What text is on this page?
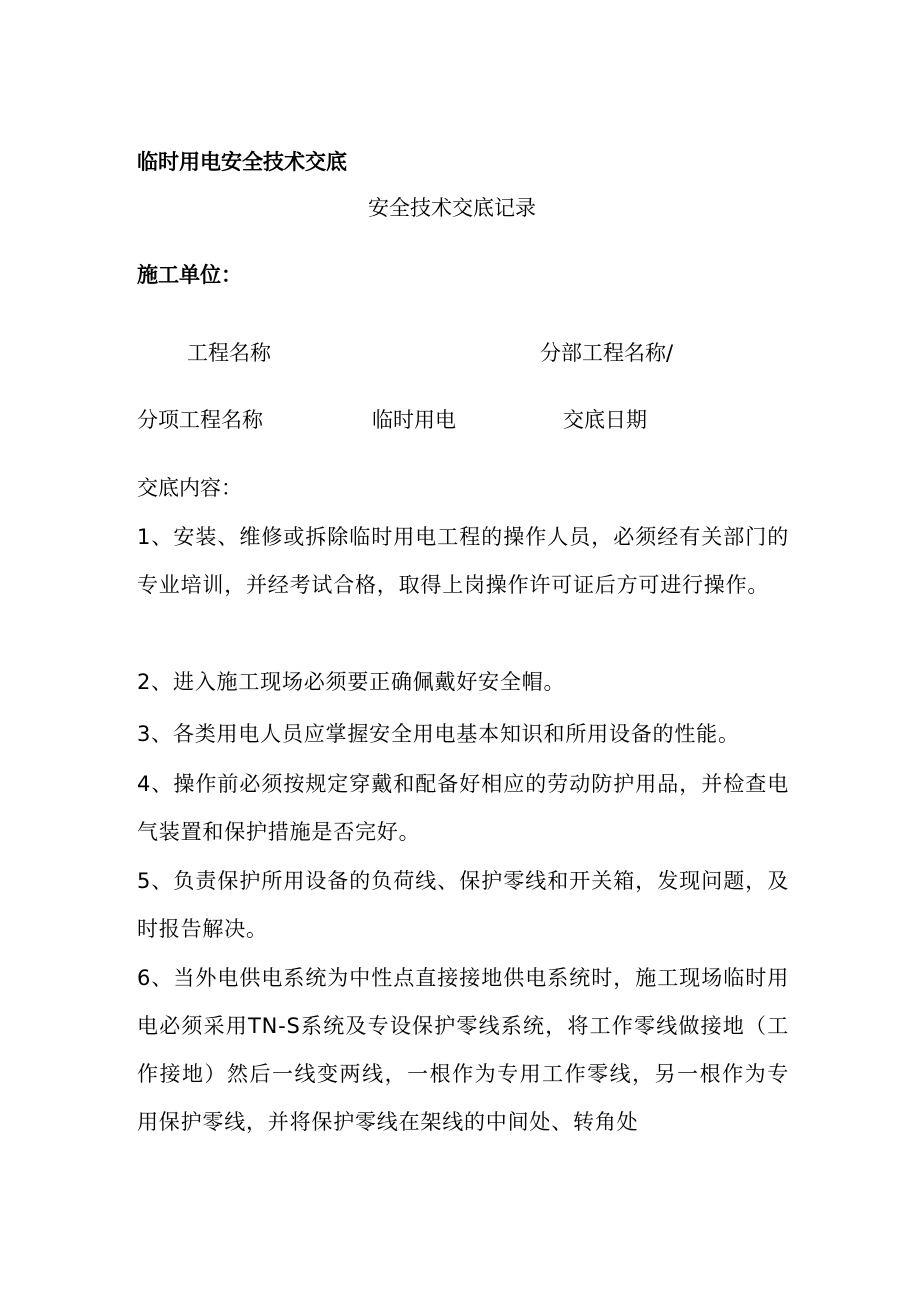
临时用电安全技术交底
安全技术交底记录
施工单位：
工程名称	分部工程名称/
分项工程名称	临时用电	交底日期
交底内容：
1、安装、维修或拆除临时用电工程的操作人员，必须经有关部门的专业培训，并经考试合格，取得上岗操作许可证后方可进行操作。
2、进入施工现场必须要正确佩戴好安全帽。
3、各类用电人员应掌握安全用电基本知识和所用设备的性能。
4、操作前必须按规定穿戴和配备好相应的劳动防护用品，并检查电气装置和保护措施是否完好。
5、负责保护所用设备的负荷线、保护零线和开关箱，发现问题，及时报告解决。
6、当外电供电系统为中性点直接接地供电系统时，施工现场临时用电必须采用TN-S系统及专设保护零线系统，将工作零线做接地（工作接地）然后一线变两线，一根作为专用工作零线，另一根作为专用保护零线，并将保护零线在架线的中间处、转角处
